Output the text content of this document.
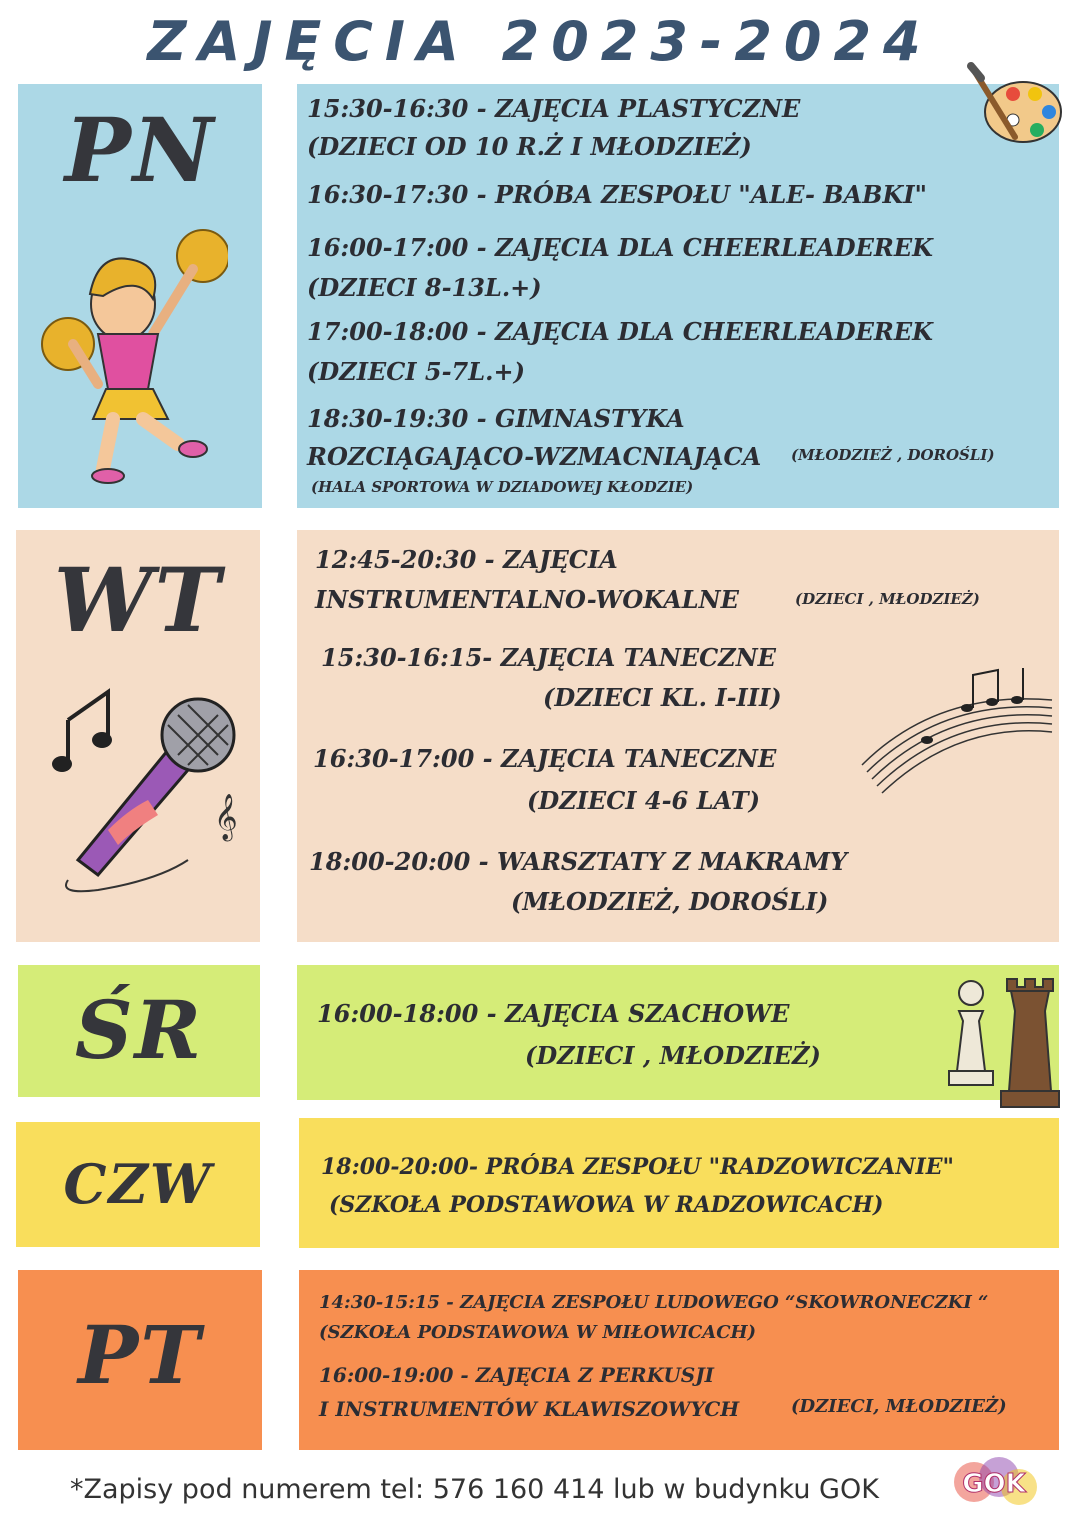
ZAJĘCIA 2023-2024
PN	15:30-16:30 - ZAJĘCIA PLASTYCZNE
(DZIECI OD 10 R.Ż I MŁODZIEŻ)
16:30-17:30 - PRÓBA ZESPOŁU "ALE- BABKI"
16:00-17:00 - ZAJĘCIA DLA CHEERLEADEREK
(DZIECI 8-13L.+)
17:00-18:00 - ZAJĘCIA DLA CHEERLEADEREK
(DZIECI 5-7L.+)
18:30-19:30 - GIMNASTYKA
ROZCIĄGAJĄCO-WZMACNIAJĄCA (MŁODZIEŻ , DOROŚLI)
(HALA SPORTOWA W DZIADOWEJ KŁODZIE)
WT
𝄞
12:45-20:30 - ZAJĘCIA
INSTRUMENTALNO-WOKALNE	(DZIECI , MŁODZIEŻ)
15:30-16:15- ZAJĘCIA TANECZNE
(DZIECI KL. I-III)
16:30-17:00 - ZAJĘCIA TANECZNE
(DZIECI 4-6 LAT)
18:00-20:00 - WARSZTATY Z MAKRAMY
(MŁODZIEŻ, DOROŚLI)
ŚR	16:00-18:00 - ZAJĘCIA SZACHOWE
(DZIECI , MŁODZIEŻ)
CZW	18:00-20:00- PRÓBA ZESPOŁU "RADZOWICZANIE"
(SZKOŁA PODSTAWOWA W RADZOWICACH)
PT
14:30-15:15 - ZAJĘCIA ZESPOŁU LUDOWEGO “SKOWRONECZKI “
(SZKOŁA PODSTAWOWA W MIŁOWICACH)
16:00-19:00 - ZAJĘCIA Z PERKUSJI
I INSTRUMENTÓW KLAWISZOWYCH	(DZIECI, MŁODZIEŻ)
*Zapisy pod numerem tel: 576 160 414 lub w budynku GOK	GOK
